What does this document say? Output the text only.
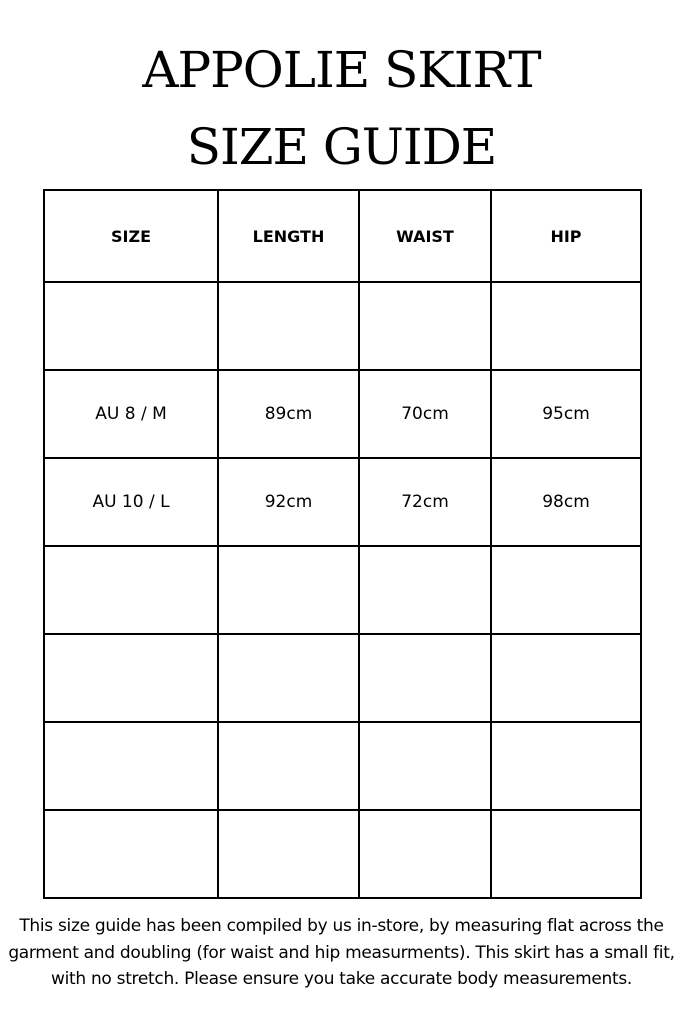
APPOLIE SKIRT
SIZE GUIDE
SIZE	LENGTH	WAIST	HIP

AU 8 / M	89cm	70cm	95cm
AU 10 / L	92cm	72cm	98cm

This size guide has been compiled by us in-store, by measuring flat across the garment and doubling (for waist and hip measurments). This skirt has a small fit, with no stretch. Please ensure you take accurate body measurements.
